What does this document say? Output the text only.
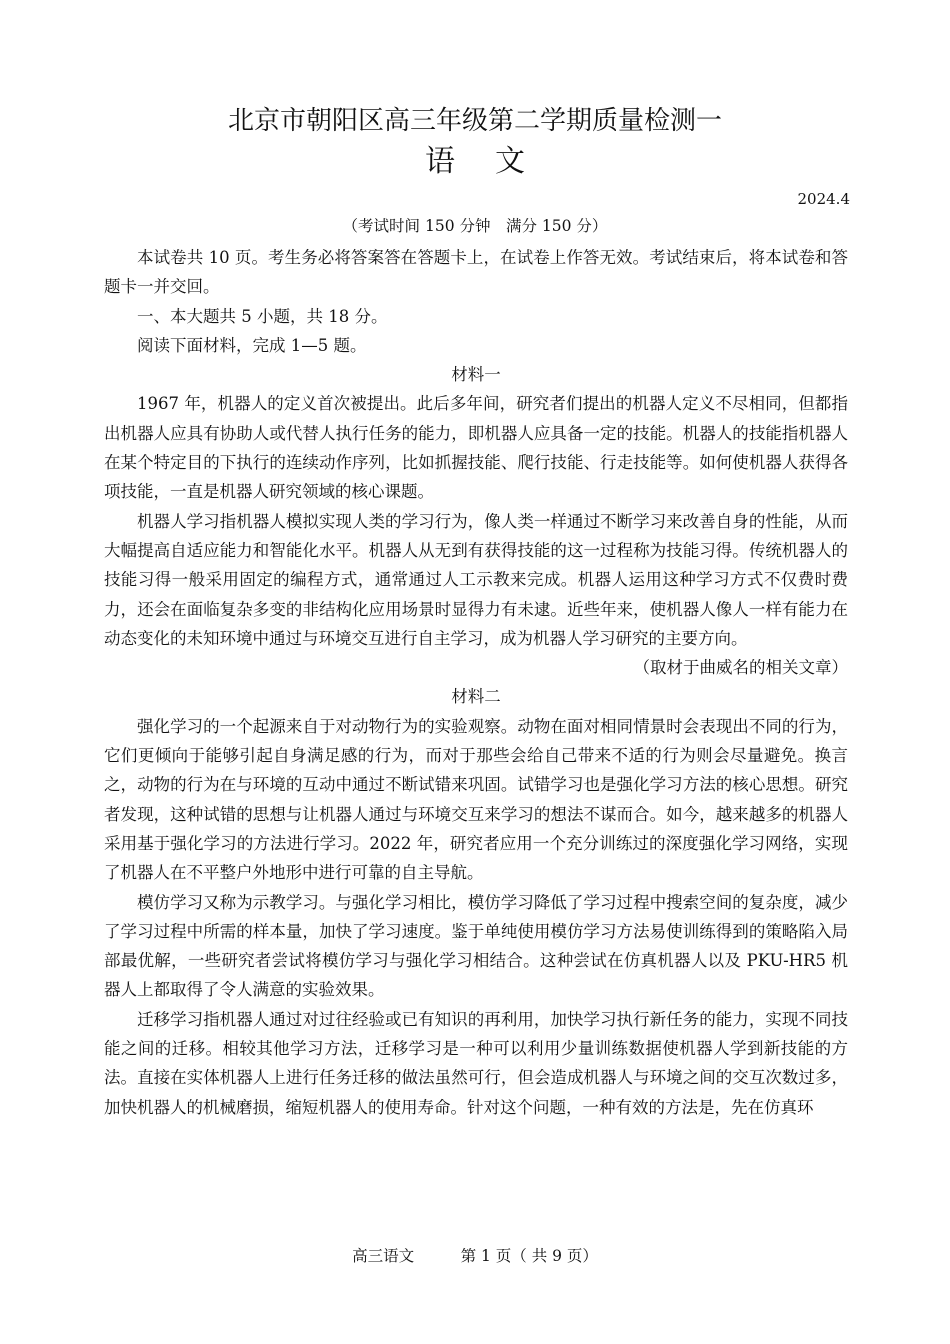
北京市朝阳区高三年级第二学期质量检测一
语文
2024.4
（考试时间 150 分钟　满分 150 分）

本试卷共 10 页。考生务必将答案答在答题卡上，在试卷上作答无效。考试结束后，将本试卷和答题卡一并交回。

一、本大题共 5 小题，共 18 分。

阅读下面材料，完成 1—5 题。

材料一

1967 年，机器人的定义首次被提出。此后多年间，研究者们提出的机器人定义不尽相同，但都指出机器人应具有协助人或代替人执行任务的能力，即机器人应具备一定的技能。机器人的技能指机器人在某个特定目的下执行的连续动作序列，比如抓握技能、爬行技能、行走技能等。如何使机器人获得各项技能，一直是机器人研究领域的核心课题。

机器人学习指机器人模拟实现人类的学习行为，像人类一样通过不断学习来改善自身的性能，从而大幅提高自适应能力和智能化水平。机器人从无到有获得技能的这一过程称为技能习得。传统机器人的技能习得一般采用固定的编程方式，通常通过人工示教来完成。机器人运用这种学习方式不仅费时费力，还会在面临复杂多变的非结构化应用场景时显得力有未逮。近些年来，使机器人像人一样有能力在动态变化的未知环境中通过与环境交互进行自主学习，成为机器人学习研究的主要方向。

（取材于曲威名的相关文章）

材料二

强化学习的一个起源来自于对动物行为的实验观察。动物在面对相同情景时会表现出不同的行为，它们更倾向于能够引起自身满足感的行为，而对于那些会给自己带来不适的行为则会尽量避免。换言之，动物的行为在与环境的互动中通过不断试错来巩固。试错学习也是强化学习方法的核心思想。研究者发现，这种试错的思想与让机器人通过与环境交互来学习的想法不谋而合。如今，越来越多的机器人采用基于强化学习的方法进行学习。2022 年，研究者应用一个充分训练过的深度强化学习网络，实现了机器人在不平整户外地形中进行可靠的自主导航。

模仿学习又称为示教学习。与强化学习相比，模仿学习降低了学习过程中搜索空间的复杂度，减少了学习过程中所需的样本量，加快了学习速度。鉴于单纯使用模仿学习方法易使训练得到的策略陷入局部最优解，一些研究者尝试将模仿学习与强化学习相结合。这种尝试在仿真机器人以及 PKU-HR5 机器人上都取得了令人满意的实验效果。

迁移学习指机器人通过对过往经验或已有知识的再利用，加快学习执行新任务的能力，实现不同技能之间的迁移。相较其他学习方法，迁移学习是一种可以利用少量训练数据使机器人学到新技能的方法。直接在实体机器人上进行任务迁移的做法虽然可行，但会造成机器人与环境之间的交互次数过多，加快机器人的机械磨损，缩短机器人的使用寿命。针对这个问题，一种有效的方法是，先在仿真环

高三语文　　　第 1 页（ 共 9 页）
